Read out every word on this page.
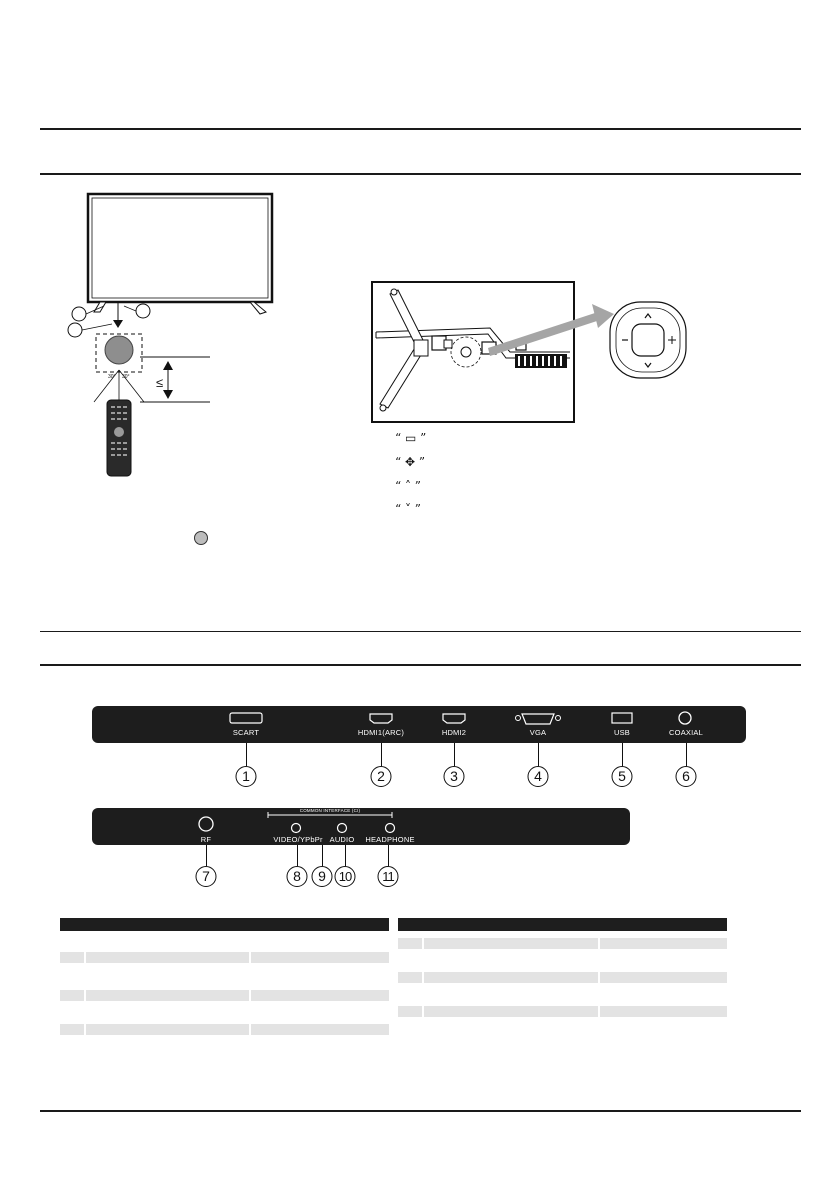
≤
30° 30°
“ ▭ ”
“ ✥ ”
“ ˄ ”
“ ˅ ”
SCART	HDMI1(ARC)	HDMI2	VGA	USB	COAXIAL
1	2	3	4	5	6
COMMON INTERFACE (CI)
RF	VIDEO/YPbPr AUDIO HEADPHONE
7	8	9 10	11
